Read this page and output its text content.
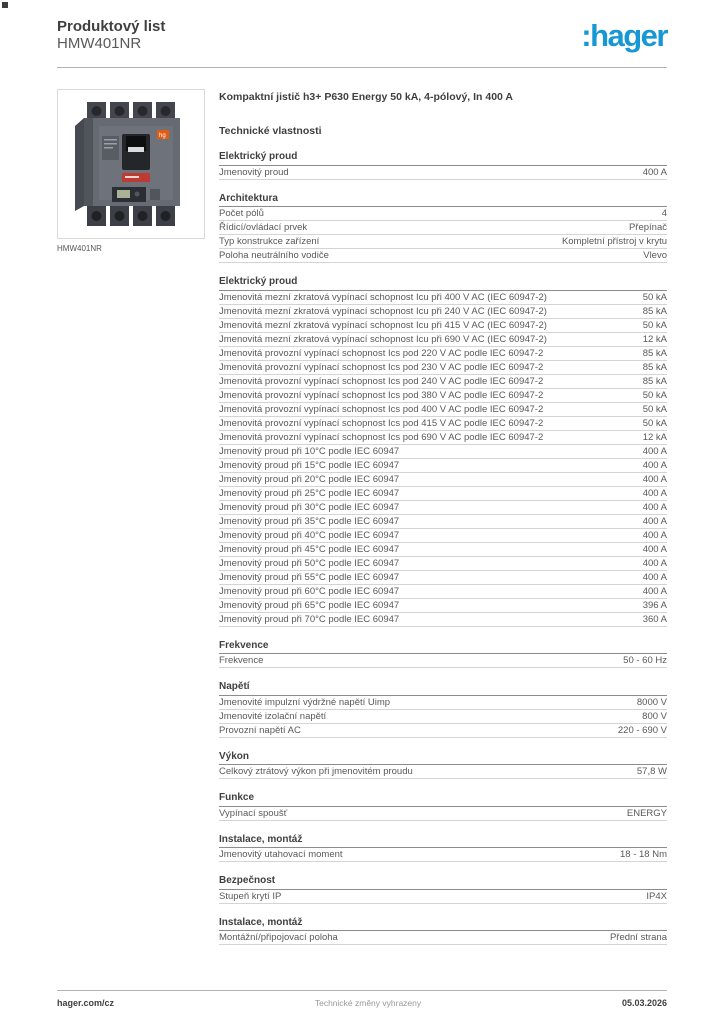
Produktový list
HMW401NR	:hager
hg
HMW401NR
Kompaktní jistič h3+ P630 Energy 50 kA, 4-pólový, In 400 A
Technické vlastnosti
Elektrický proud
Jmenovitý proud	400 A
Architektura
Počet pólů	4
Řídicí/ovládací prvek	Přepínač
Typ konstrukce zařízení	Kompletní přístroj v krytu
Poloha neutrálního vodiče	Vlevo
Elektrický proud
Jmenovitá mezní zkratová vypínací schopnost Icu při 400 V AC (IEC 60947-2)	50 kA
Jmenovitá mezní zkratová vypínací schopnost Icu při 240 V AC (IEC 60947-2)	85 kA
Jmenovitá mezní zkratová vypínací schopnost Icu při 415 V AC (IEC 60947-2)	50 kA
Jmenovitá mezní zkratová vypínací schopnost Icu při 690 V AC (IEC 60947-2)	12 kA
Jmenovitá provozní vypínací schopnost Ics pod 220 V AC podle IEC 60947-2	85 kA
Jmenovitá provozní vypínací schopnost Ics pod 230 V AC podle IEC 60947-2	85 kA
Jmenovitá provozní vypínací schopnost Ics pod 240 V AC podle IEC 60947-2	85 kA
Jmenovitá provozní vypínací schopnost Ics pod 380 V AC podle IEC 60947-2	50 kA
Jmenovitá provozní vypínací schopnost Ics pod 400 V AC podle IEC 60947-2	50 kA
Jmenovitá provozní vypínací schopnost Ics pod 415 V AC podle IEC 60947-2	50 kA
Jmenovitá provozní vypínací schopnost Ics pod 690 V AC podle IEC 60947-2	12 kA
Jmenovitý proud při 10°C podle IEC 60947	400 A
Jmenovitý proud při 15°C podle IEC 60947	400 A
Jmenovitý proud při 20°C podle IEC 60947	400 A
Jmenovitý proud při 25°C podle IEC 60947	400 A
Jmenovitý proud při 30°C podle IEC 60947	400 A
Jmenovitý proud při 35°C podle IEC 60947	400 A
Jmenovitý proud při 40°C podle IEC 60947	400 A
Jmenovitý proud při 45°C podle IEC 60947	400 A
Jmenovitý proud při 50°C podle IEC 60947	400 A
Jmenovitý proud při 55°C podle IEC 60947	400 A
Jmenovitý proud při 60°C podle IEC 60947	400 A
Jmenovitý proud při 65°C podle IEC 60947	396 A
Jmenovitý proud při 70°C podle IEC 60947	360 A
Frekvence
Frekvence	50 - 60 Hz
Napětí
Jmenovité impulzní výdržné napětí Uimp	8000 V
Jmenovité izolační napětí	800 V
Provozní napětí AC	220 - 690 V
Výkon
Celkový ztrátový výkon při jmenovitém proudu	57,8 W
Funkce
Vypínací spoušť	ENERGY
Instalace, montáž
Jmenovitý utahovací moment	18 - 18 Nm
Bezpečnost
Stupeň krytí IP	IP4X
Instalace, montáž
Montážní/připojovací poloha	Přední strana
hager.com/cz	Technické změny vyhrazeny	05.03.2026
